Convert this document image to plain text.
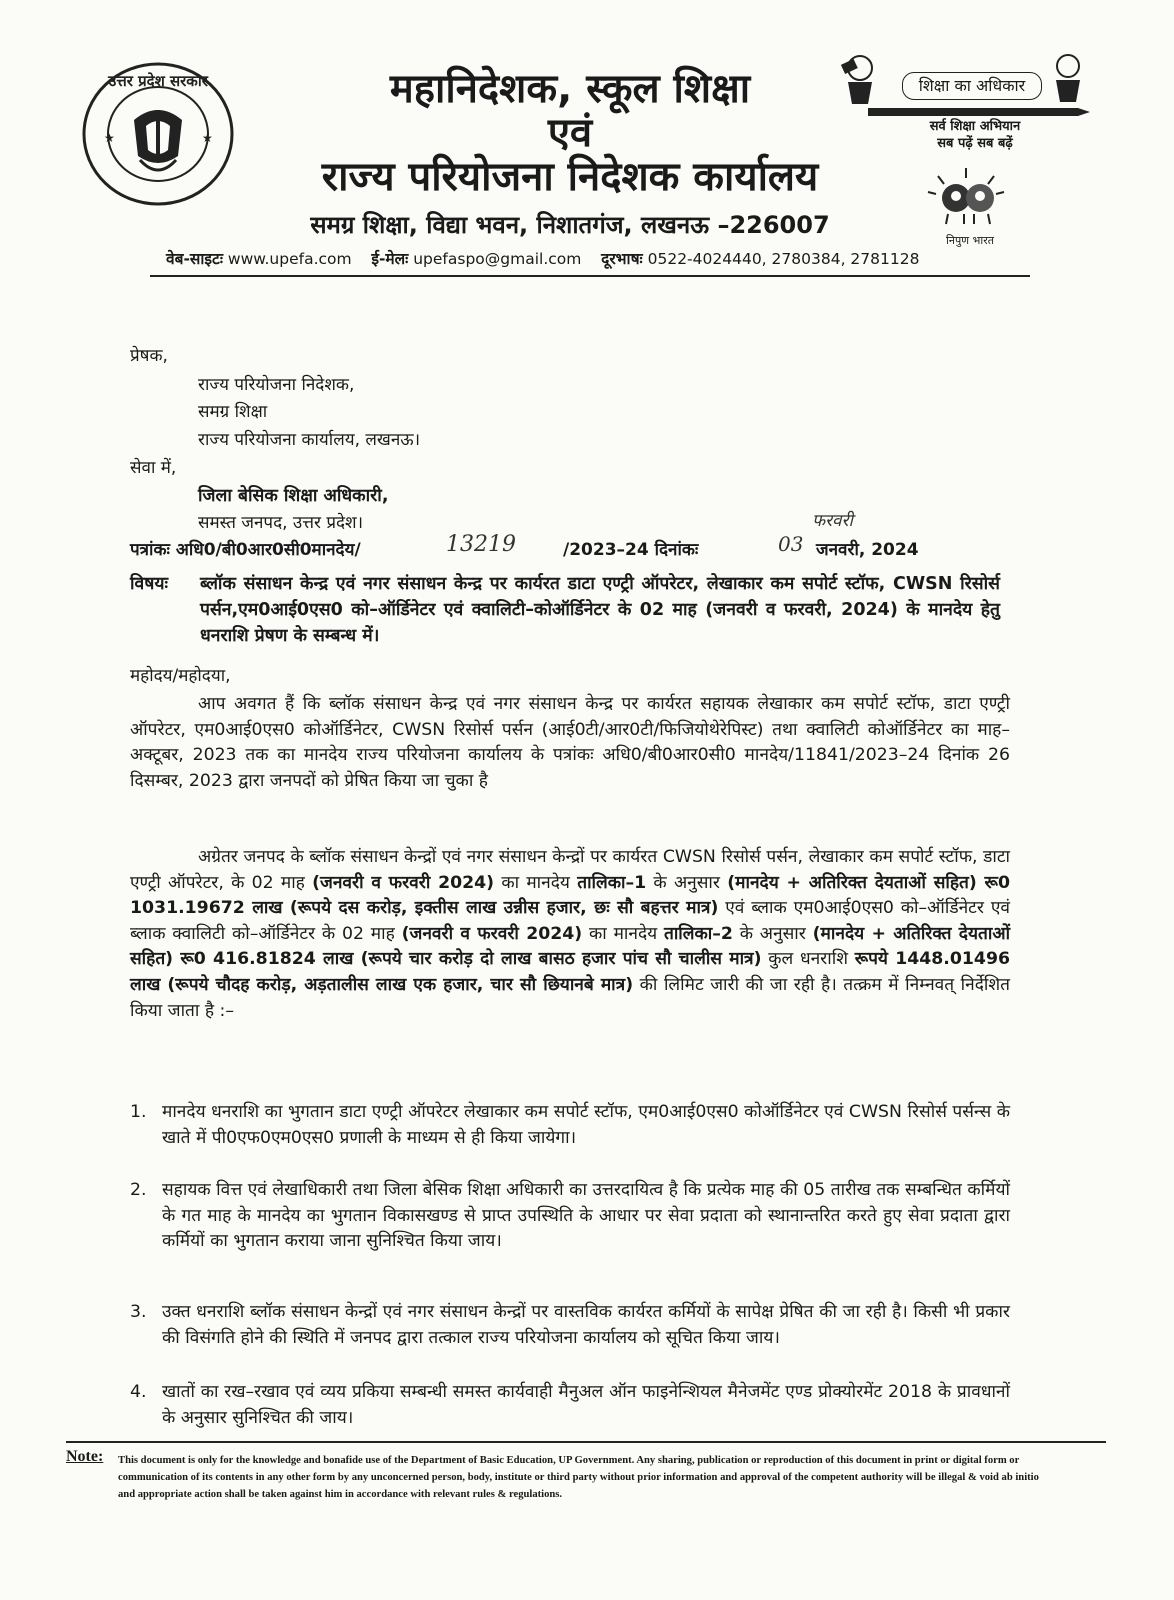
★	★
उत्तर प्रदेश सरकार	महानिदेशक, स्कूल शिक्षा
एवं
राज्य परियोजना निदेशक कार्यालय
समग्र शिक्षा, विद्या भवन, निशातगंज, लखनऊ –226007
वेब-साइटः www.upefa.com ई-मेलः upefaspo@gmail.com दूरभाषः 0522-4024440, 2780384, 2781128
शिक्षा का अधिकार
सर्व शिक्षा अभियान
सब पढ़ें सब बढ़ें
निपुण भारत
प्रेषक,
राज्य परियोजना निदेशक,
समग्र शिक्षा
राज्य परियोजना कार्यालय, लखनऊ।
सेवा में,
जिला बेसिक शिक्षा अधिकारी,
समस्त जनपद, उत्तर प्रदेश।
पत्रांकः अधि0/बी0आर0सी0मानदेय/	13219	/2023–24 दिनांकः	03
फरवरी
जनवरी, 2024
विषयः ब्लॉक संसाधन केन्द्र एवं नगर संसाधन केन्द्र पर कार्यरत डाटा एण्ट्री ऑपरेटर, लेखाकार कम सपोर्ट स्टॉफ, CWSN रिसोर्स पर्सन,एम0आई0एस0 को–ऑर्डिनेटर एवं क्वालिटी–कोऑर्डिनेटर के 02 माह (जनवरी व फरवरी, 2024) के मानदेय हेतु धनराशि प्रेषण के सम्बन्ध में।
महोदय/महोदया,
आप अवगत हैं कि ब्लॉक संसाधन केन्द्र एवं नगर संसाधन केन्द्र पर कार्यरत सहायक लेखाकार कम सपोर्ट स्टॉफ, डाटा एण्ट्री ऑपरेटर, एम0आई0एस0 कोऑर्डिनेटर, CWSN रिसोर्स पर्सन (आई0टी/आर0टी/फिजियोथेरेपिस्ट) तथा क्वालिटी कोऑर्डिनेटर का माह–अक्टूबर, 2023 तक का मानदेय राज्य परियोजना कार्यालय के पत्रांकः अधि0/बी0आर0सी0 मानदेय/11841/2023–24 दिनांक 26 दिसम्बर, 2023 द्वारा जनपदों को प्रेषित किया जा चुका है
अग्रेतर जनपद के ब्लॉक संसाधन केन्द्रों एवं नगर संसाधन केन्द्रों पर कार्यरत CWSN रिसोर्स पर्सन, लेखाकार कम सपोर्ट स्टॉफ, डाटा एण्ट्री ऑपरेटर, के 02 माह (जनवरी व फरवरी 2024) का मानदेय तालिका–1 के अनुसार (मानदेय + अतिरिक्त देयताओं सहित) रू0 1031.19672 लाख (रूपये दस करोड़, इक्तीस लाख उन्नीस हजार, छः सौ बहत्तर मात्र) एवं ब्लाक एम0आई0एस0 को–ऑर्डिनेटर एवं ब्लाक क्वालिटी को–ऑर्डिनेटर के 02 माह (जनवरी व फरवरी 2024) का मानदेय तालिका–2 के अनुसार (मानदेय + अतिरिक्त देयताओं सहित) रू0 416.81824 लाख (रूपये चार करोड़ दो लाख बासठ हजार पांच सौ चालीस मात्र) कुल धनराशि रूपये 1448.01496 लाख (रूपये चौदह करोड़, अड़तालीस लाख एक हजार, चार सौ छियानबे मात्र) की लिमिट जारी की जा रही है। तत्क्रम में निम्नवत् निर्देशित किया जाता है :–
1. मानदेय धनराशि का भुगतान डाटा एण्ट्री ऑपरेटर लेखाकार कम सपोर्ट स्टॉफ, एम0आई0एस0 कोऑर्डिनेटर एवं CWSN रिसोर्स पर्सन्स के खाते में पी0एफ0एम0एस0 प्रणाली के माध्यम से ही किया जायेगा।
2. सहायक वित्त एवं लेखाधिकारी तथा जिला बेसिक शिक्षा अधिकारी का उत्तरदायित्व है कि प्रत्येक माह की 05 तारीख तक सम्बन्धित कर्मियों के गत माह के मानदेय का भुगतान विकासखण्ड से प्राप्त उपस्थिति के आधार पर सेवा प्रदाता को स्थानान्तरित करते हुए सेवा प्रदाता द्वारा कर्मियों का भुगतान कराया जाना सुनिश्चित किया जाय।
3. उक्त धनराशि ब्लॉक संसाधन केन्द्रों एवं नगर संसाधन केन्द्रों पर वास्तविक कार्यरत कर्मियों के सापेक्ष प्रेषित की जा रही है। किसी भी प्रकार की विसंगति होने की स्थिति में जनपद द्वारा तत्काल राज्य परियोजना कार्यालय को सूचित किया जाय।
4. खातों का रख–रखाव एवं व्यय प्रकिया सम्बन्धी समस्त कार्यवाही मैनुअल ऑन फाइनेन्शियल मैनेजमेंट एण्ड प्रोक्योरमेंट 2018 के प्रावधानों के अनुसार सुनिश्चित की जाय।
Note: This document is only for the knowledge and bonafide use of the Department of Basic Education, UP Government. Any sharing, publication or reproduction of this document in print or digital form or communication of its contents in any other form by any unconcerned person, body, institute or third party without prior information and approval of the competent authority will be illegal & void ab initio and appropriate action shall be taken against him in accordance with relevant rules & regulations.
